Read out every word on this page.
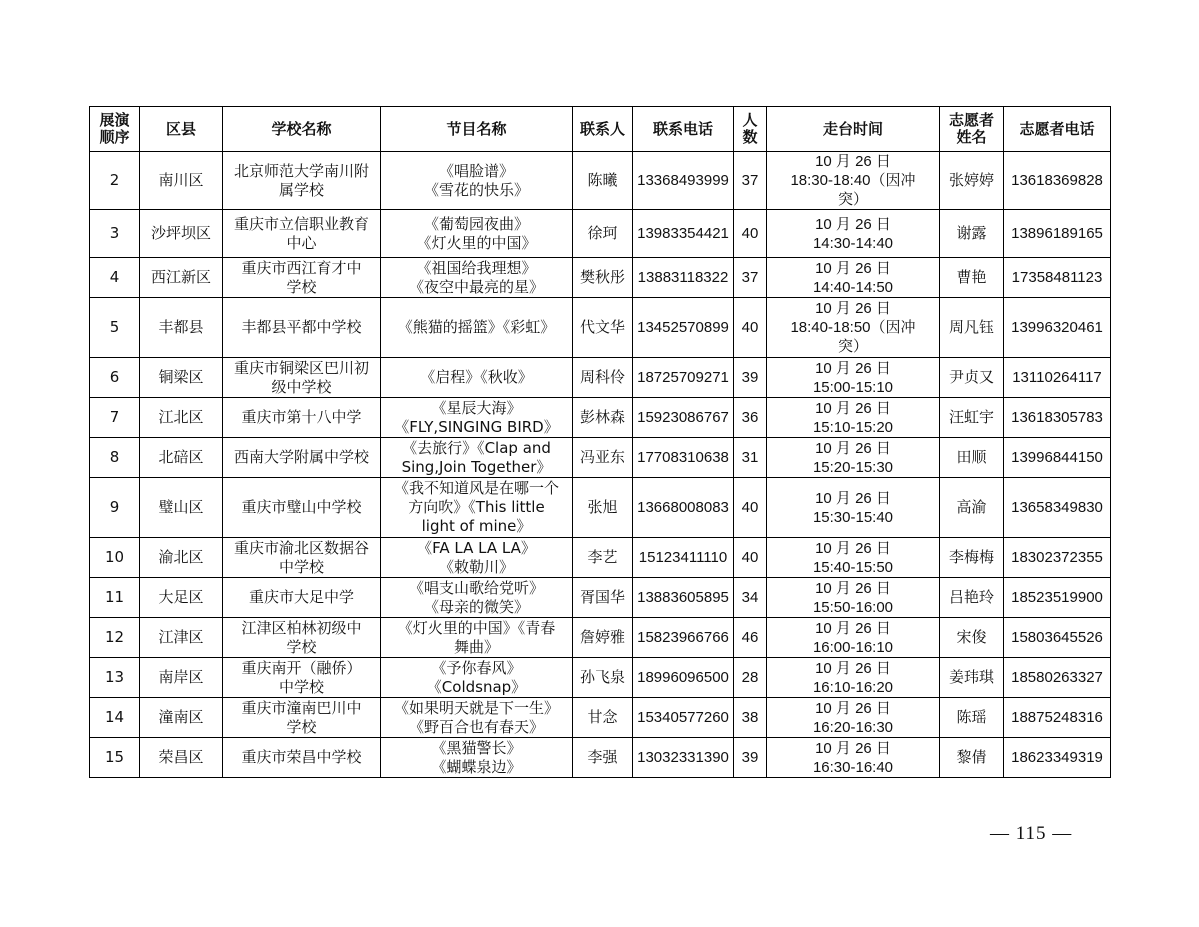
展演
顺序	区县	学校名称	节目名称	联系人	联系电话	人
数	走台时间	志愿者
姓名	志愿者电话

2	南川区	北京师范大学南川附
属学校	《唱脸谱》
《雪花的快乐》	陈曦	13368493999	37	10 月 26 日
18:30-18:40（因冲
突）	张婷婷	13618369828

3	沙坪坝区	重庆市立信职业教育
中心	《葡萄园夜曲》
《灯火里的中国》	徐珂	13983354421	40	10 月 26 日
14:30-14:40	谢露	13896189165

4	西江新区	重庆市西江育才中
学校	《祖国给我理想》
《夜空中最亮的星》	樊秋彤	13883118322	37	10 月 26 日
14:40-14:50	曹艳	17358481123

5	丰都县	丰都县平都中学校	《熊猫的摇篮》《彩虹》	代文华	13452570899	40	10 月 26 日
18:40-18:50（因冲
突）	周凡钰	13996320461

6	铜梁区	重庆市铜梁区巴川初
级中学校	《启程》《秋收》	周科伶	18725709271	39	10 月 26 日
15:00-15:10	尹贞又	13110264117

7	江北区	重庆市第十八中学	《星辰大海》
《FLY,SINGING BIRD》	彭林森	15923086767	36	10 月 26 日
15:10-15:20	汪虹宇	13618305783

8	北碚区	西南大学附属中学校	《去旅行》《Clap and
Sing,Join Together》	冯亚东	17708310638	31	10 月 26 日
15:20-15:30	田顺	13996844150

9	璧山区	重庆市璧山中学校	《我不知道风是在哪一个
方向吹》《This little
light of mine》	张旭	13668008083	40	10 月 26 日
15:30-15:40	高渝	13658349830

10	渝北区	重庆市渝北区数据谷
中学校	《FA LA LA LA》
《敕勒川》	李艺	15123411110	40	10 月 26 日
15:40-15:50	李梅梅	18302372355

11	大足区	重庆市大足中学	《唱支山歌给党听》
《母亲的微笑》	胥国华	13883605895	34	10 月 26 日
15:50-16:00	吕艳玲	18523519900

12	江津区	江津区柏林初级中
学校	《灯火里的中国》《青春
舞曲》	詹婷雅	15823966766	46	10 月 26 日
16:00-16:10	宋俊	15803645526

13	南岸区	重庆南开（融侨）
中学校	《予你春风》
《Coldsnap》	孙飞泉	18996096500	28	10 月 26 日
16:10-16:20	姜玮琪	18580263327

14	潼南区	重庆市潼南巴川中
学校	《如果明天就是下一生》
《野百合也有春天》	甘念	15340577260	38	10 月 26 日
16:20-16:30	陈瑶	18875248316

15	荣昌区	重庆市荣昌中学校	《黑猫警长》
《蝴蝶泉边》	李强	13032331390	39	10 月 26 日
16:30-16:40	黎倩	18623349319
— 115 —
